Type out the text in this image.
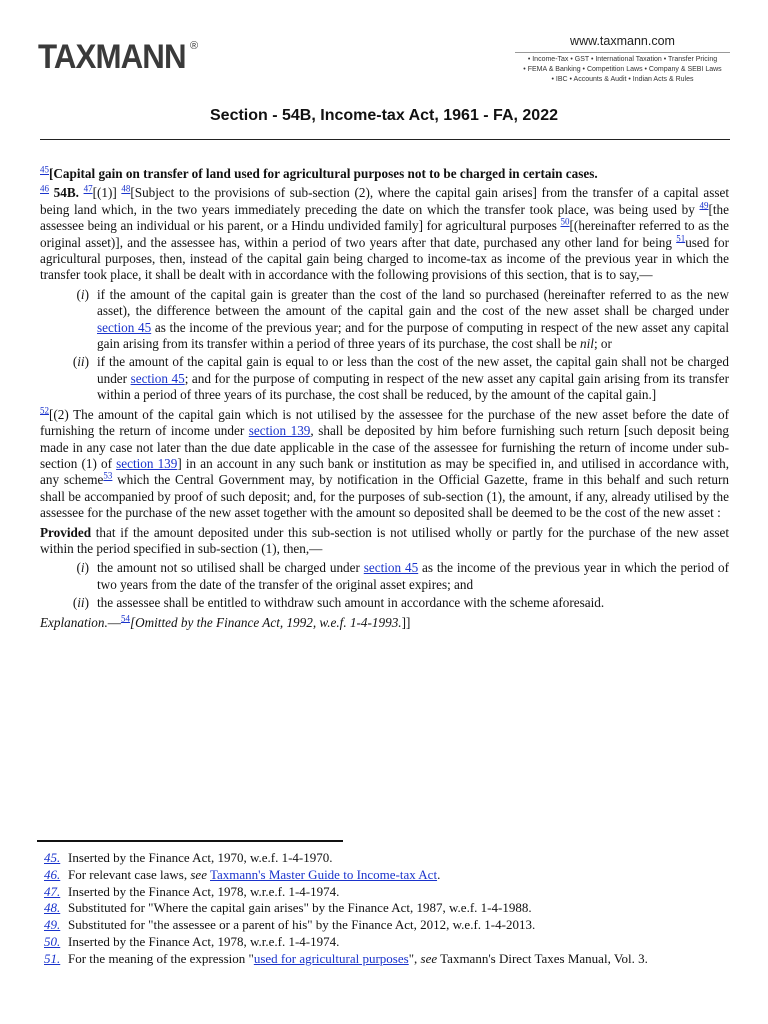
TAXMANN ®	www.taxmann.com
• Income-Tax • GST • International Taxation • Transfer Pricing
• FEMA & Banking • Competition Laws • Company & SEBI Laws
• IBC • Accounts & Audit • Indian Acts & Rules
Section - 54B, Income-tax Act, 1961 - FA, 2022

$^{45}$[Capital gain on transfer of land used for agricultural purposes not to be charged in certain cases.

$^{46}$ 54B. $^{47}$[(1)] $^{48}$[Subject to the provisions of sub-section (2), where the capital gain arises] from the transfer of a capital asset being land which, in the two years immediately preceding the date on which the transfer took place, was being used by $^{49}$[the assessee being an individual or his parent, or a Hindu undivided family] for agricultural purposes $^{50}$[(hereinafter referred to as the original asset)], and the assessee has, within a period of two years after that date, purchased any other land for being $^{51}$used for agricultural purposes, then, instead of the capital gain being charged to income-tax as income of the previous year in which the transfer took place, it shall be dealt with in accordance with the following provisions of this section, that is to say,—

(i) if the amount of the capital gain is greater than the cost of the land so purchased (hereinafter referred to as the new asset), the difference between the amount of the capital gain and the cost of the new asset shall be charged under section 45 as the income of the previous year; and for the purpose of computing in respect of the new asset any capital gain arising from its transfer within a period of three years of its purchase, the cost shall be nil; or
(ii) if the amount of the capital gain is equal to or less than the cost of the new asset, the capital gain shall not be charged under section 45; and for the purpose of computing in respect of the new asset any capital gain arising from its transfer within a period of three years of its purchase, the cost shall be reduced, by the amount of the capital gain.]

$^{52}$[(2) The amount of the capital gain which is not utilised by the assessee for the purchase of the new asset before the date of furnishing the return of income under section 139, shall be deposited by him before furnishing such return [such deposit being made in any case not later than the due date applicable in the case of the assessee for furnishing the return of income under sub-section (1) of section 139] in an account in any such bank or institution as may be specified in, and utilised in accordance with, any scheme$^{53}$ which the Central Government may, by notification in the Official Gazette, frame in this behalf and such return shall be accompanied by proof of such deposit; and, for the purposes of sub-section (1), the amount, if any, already utilised by the assessee for the purchase of the new asset together with the amount so deposited shall be deemed to be the cost of the new asset :

Provided that if the amount deposited under this sub-section is not utilised wholly or partly for the purchase of the new asset within the period specified in sub-section (1), then,—

(i) the amount not so utilised shall be charged under section 45 as the income of the previous year in which the period of two years from the date of the transfer of the original asset expires; and
(ii) the assessee shall be entitled to withdraw such amount in accordance with the scheme aforesaid.

Explanation.—$^{54}$[Omitted by the Finance Act, 1992, w.e.f. 1-4-1993.]]

45. Inserted by the Finance Act, 1970, w.e.f. 1-4-1970.
46. For relevant case laws, see Taxmann's Master Guide to Income-tax Act.
47. Inserted by the Finance Act, 1978, w.r.e.f. 1-4-1974.
48. Substituted for "Where the capital gain arises" by the Finance Act, 1987, w.e.f. 1-4-1988.
49. Substituted for "the assessee or a parent of his" by the Finance Act, 2012, w.e.f. 1-4-2013.
50. Inserted by the Finance Act, 1978, w.r.e.f. 1-4-1974.
51. For the meaning of the expression "used for agricultural purposes", see Taxmann's Direct Taxes Manual, Vol. 3.
